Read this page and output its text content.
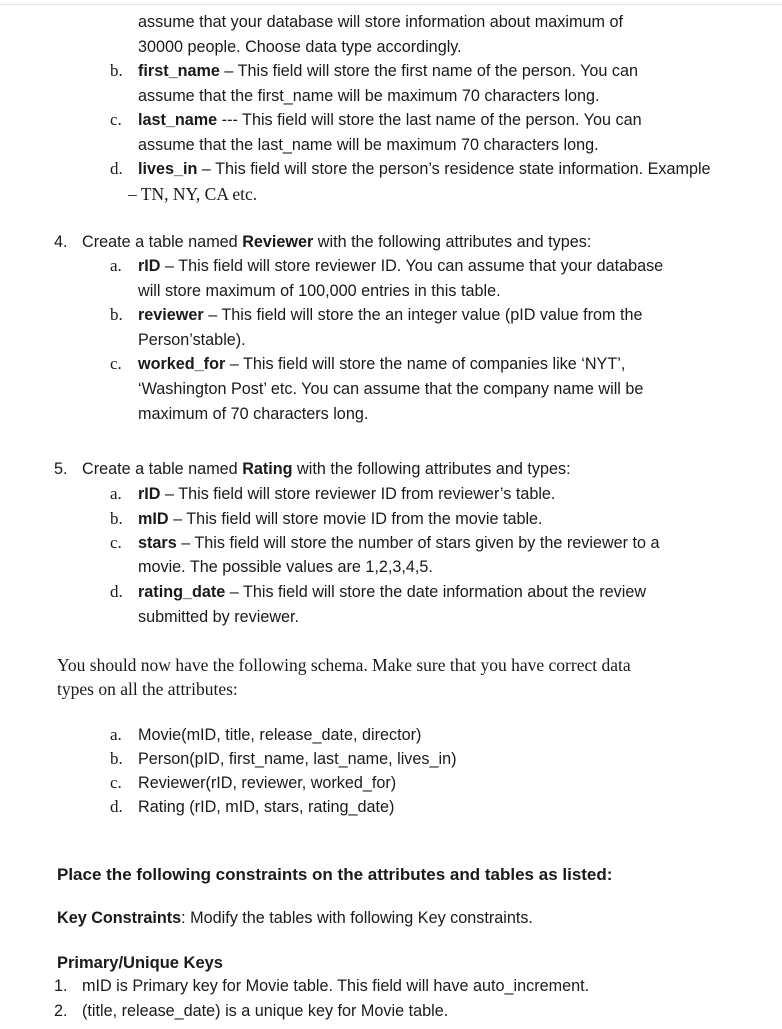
assume that your database will store information about maximum of
30000 people. Choose data type accordingly.
b. first_name – This field will store the first name of the person. You can
assume that the first_name will be maximum 70 characters long.
c. last_name --- This field will store the last name of the person. You can
assume that the last_name will be maximum 70 characters long.
d. lives_in – This field will store the person’s residence state information. Example
– TN, NY, CA etc.
4. Create a table named Reviewer with the following attributes and types:
a. rID – This field will store reviewer ID. You can assume that your database
will store maximum of 100,000 entries in this table.
b. reviewer – This field will store the an integer value (pID value from the
Person’stable).
c. worked_for – This field will store the name of companies like ‘NYT’,
‘Washington Post’ etc. You can assume that the company name will be
maximum of 70 characters long.
5. Create a table named Rating with the following attributes and types:
a. rID – This field will store reviewer ID from reviewer’s table.
b. mID – This field will store movie ID from the movie table.
c. stars – This field will store the number of stars given by the reviewer to a
movie. The possible values are 1,2,3,4,5.
d. rating_date – This field will store the date information about the review
submitted by reviewer.
You should now have the following schema. Make sure that you have correct data
types on all the attributes:
a. Movie(mID, title, release_date, director)
b. Person(pID, first_name, last_name, lives_in)
c. Reviewer(rID, reviewer, worked_for)
d. Rating (rID, mID, stars, rating_date)
Place the following constraints on the attributes and tables as listed:
Key Constraints: Modify the tables with following Key constraints.
Primary/Unique Keys
1. mID is Primary key for Movie table. This field will have auto_increment.
2. (title, release_date) is a unique key for Movie table.
